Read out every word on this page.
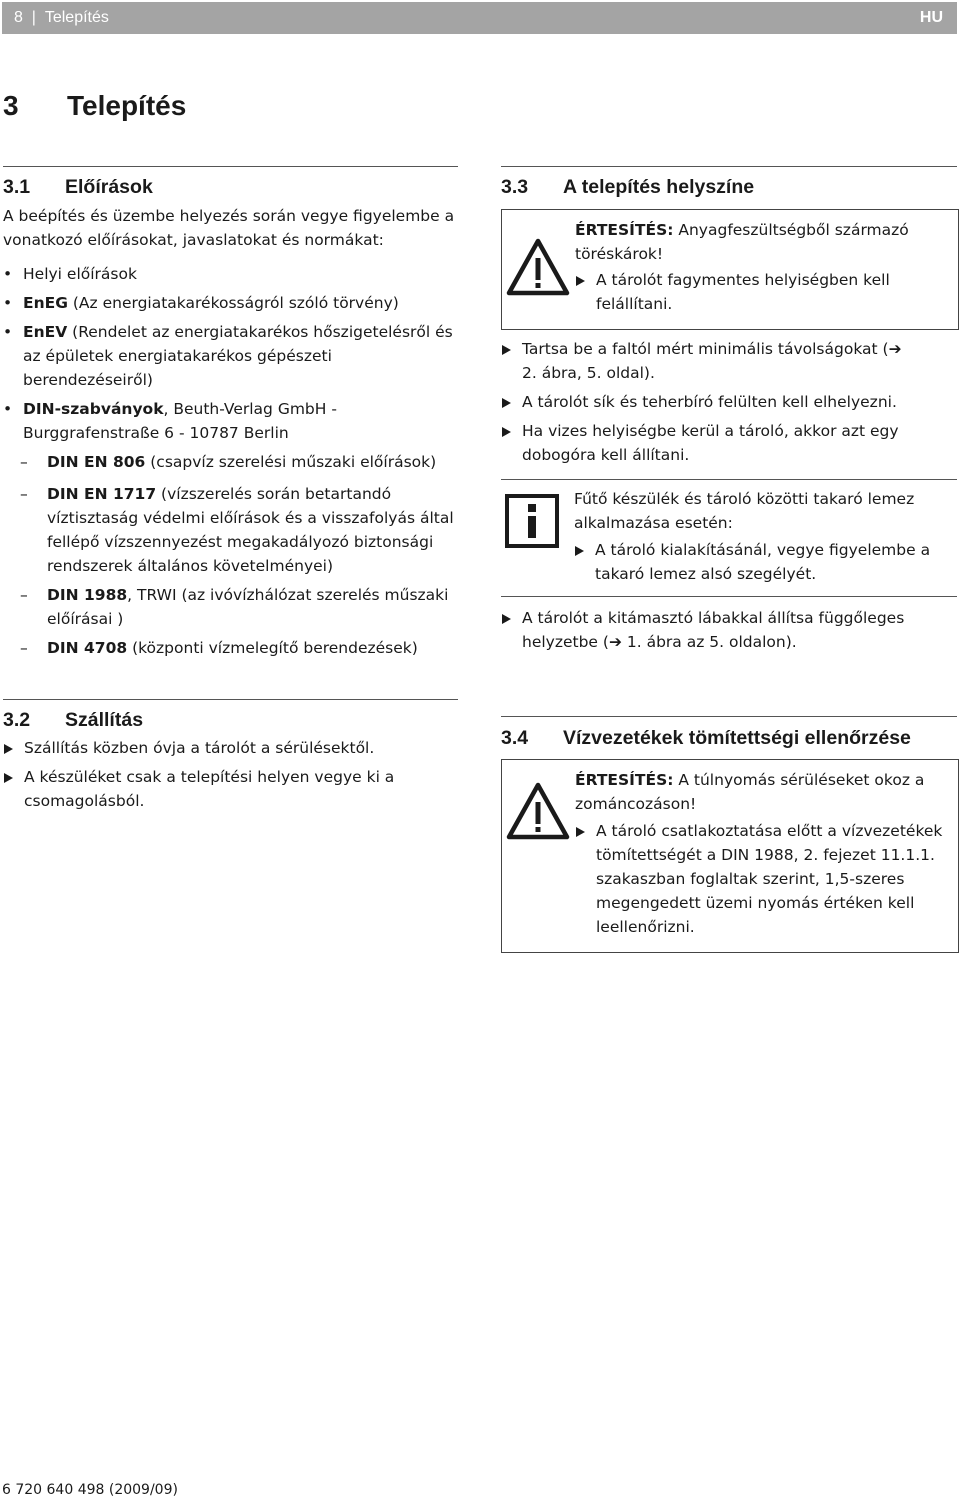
8 | Telepítés	HU
3 Telepítés
3.1 Előírások

A beépítés és üzembe helyezés során vegye figyelembe a vonatkozó előírásokat, javaslatokat és normákat:

• Helyi előírások
• EnEG (Az energiatakarékosságról szóló törvény)
• EnEV (Rendelet az energiatakarékos hőszigetelésről és az épületek energiatakarékos gépészeti berendezéseiről)
• DIN-szabványok, Beuth-Verlag GmbH - Burggrafenstraße 6 - 10787 Berlin
– DIN EN 806 (csapvíz szerelési műszaki előírások)
– DIN EN 1717 (vízszerelés során betartandó víztisztaság védelmi előírások és a visszafolyás által fellépő vízszennyezést megakadályozó biztonsági rendszerek általános követelményei)
– DIN 1988, TRWI (az ivóvízhálózat szerelés műszaki előírásai )
– DIN 4708 (központi vízmelegítő berendezések)
3.2 Szállítás
Szállítás közben óvja a tárolót a sérülésektől.
A készüléket csak a telepítési helyen vegye ki a csomagolásból.
3.3 A telepítés helyszíne

ÉRTESÍTÉS: Anyagfeszültségből származó töréskárok!

A tárolót fagymentes helyiségben kell felállítani.
Tartsa be a faltól mért minimális távolságokat (➔ 2. ábra, 5. oldal).
A tárolót sík és teherbíró felülten kell elhelyezni.
Ha vizes helyiségbe kerül a tároló, akkor azt egy dobogóra kell állítani.

Fűtő készülék és tároló közötti takaró lemez alkalmazása esetén:

A tároló kialakításánál, vegye figyelembe a takaró lemez alsó szegélyét.
A tárolót a kitámasztó lábakkal állítsa függőleges helyzetbe (➔ 1. ábra az 5. oldalon).
3.4 Vízvezetékek tömítettségi ellenőrzése

ÉRTESÍTÉS: A túlnyomás sérüléseket okoz a zománcozáson!

A tároló csatlakoztatása előtt a vízvezetékek tömítettségét a DIN 1988, 2. fejezet 11.1.1. szakaszban foglaltak szerint, 1,5-szeres megengedett üzemi nyomás értéken kell leellenőrizni.
6 720 640 498 (2009/09)
